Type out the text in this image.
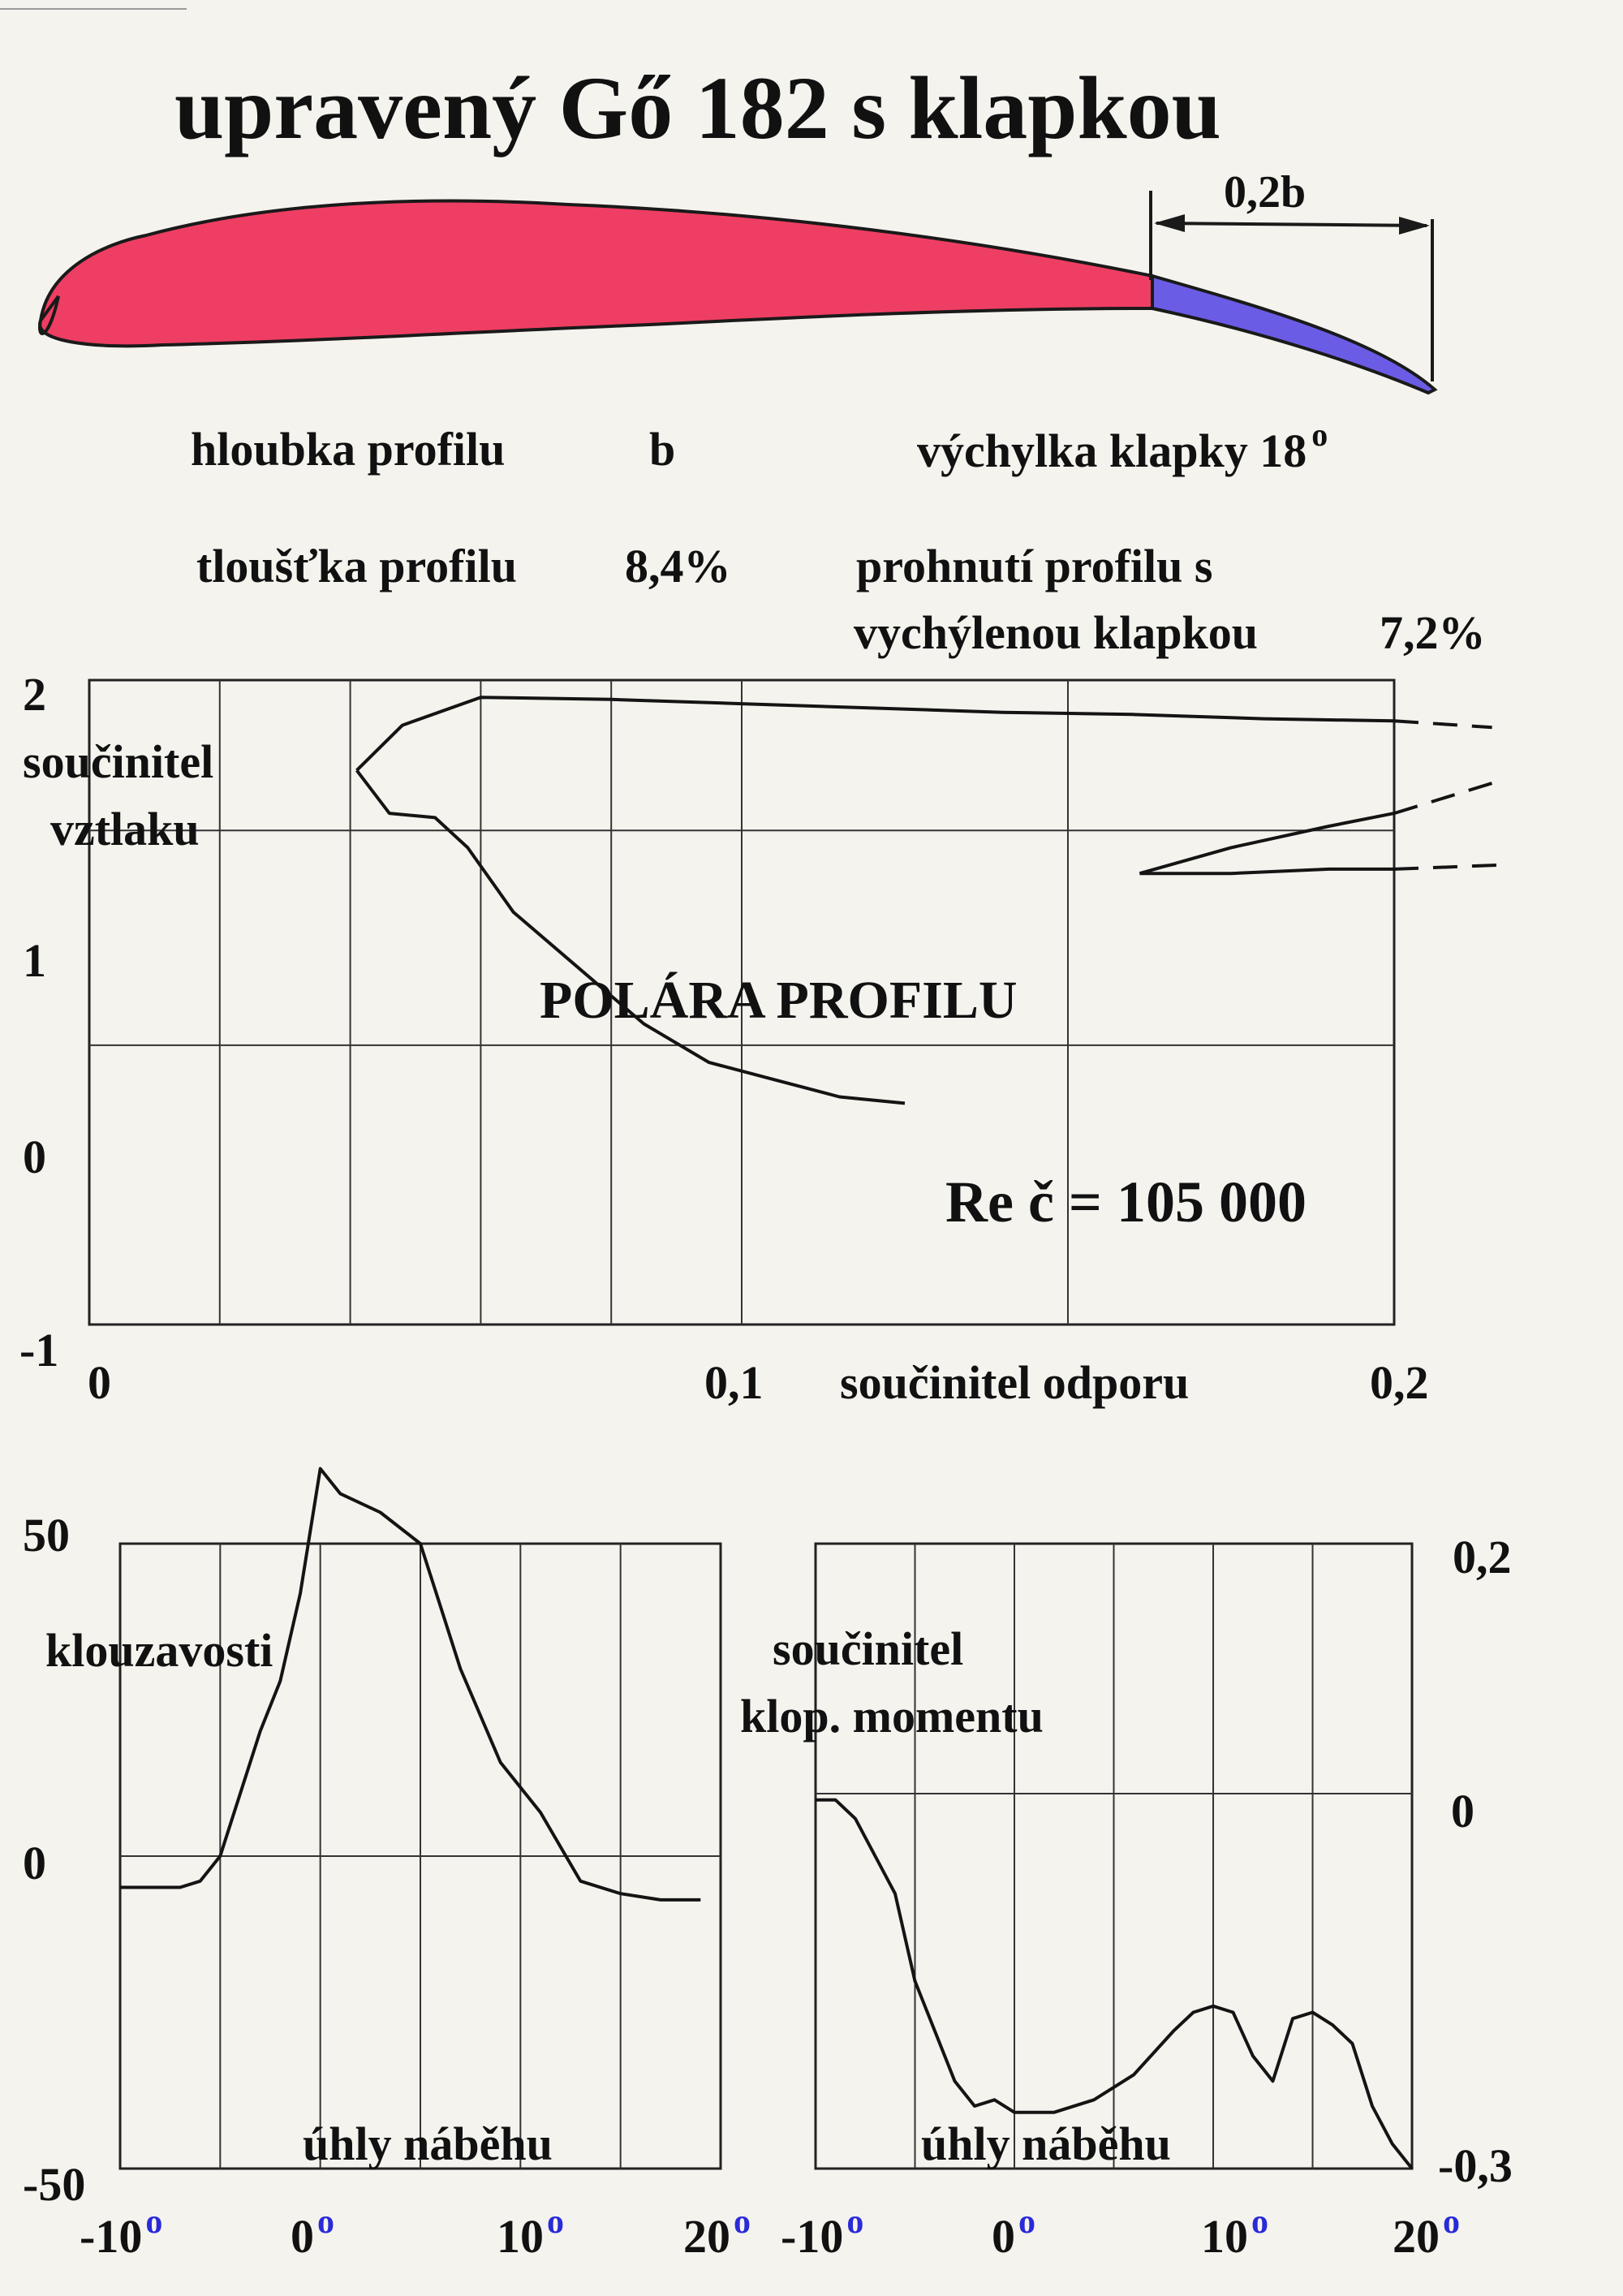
upravený Gő 182 s klapkou
0,2b
hloubka profilu	b	výchylka klapky 18 $^o$
tloušťka profilu 8,4%	prohnutí profilu s
vychýlenou klapkou	7,2%
2
1
0
-1
součinitel
vztlaku
0	0,1	0,2
součinitel odporu
POLÁRA PROFILU
Re č = 105 000
50
0
-50
klouzavosti
úhly náběhu
-10$^o$	0$^o$	10$^o$	20$^o$
0,2
0
-0,3
součinitel
klop. momentu
úhly náběhu
-10$^o$	0$^o$	10$^o$	20$^o$
